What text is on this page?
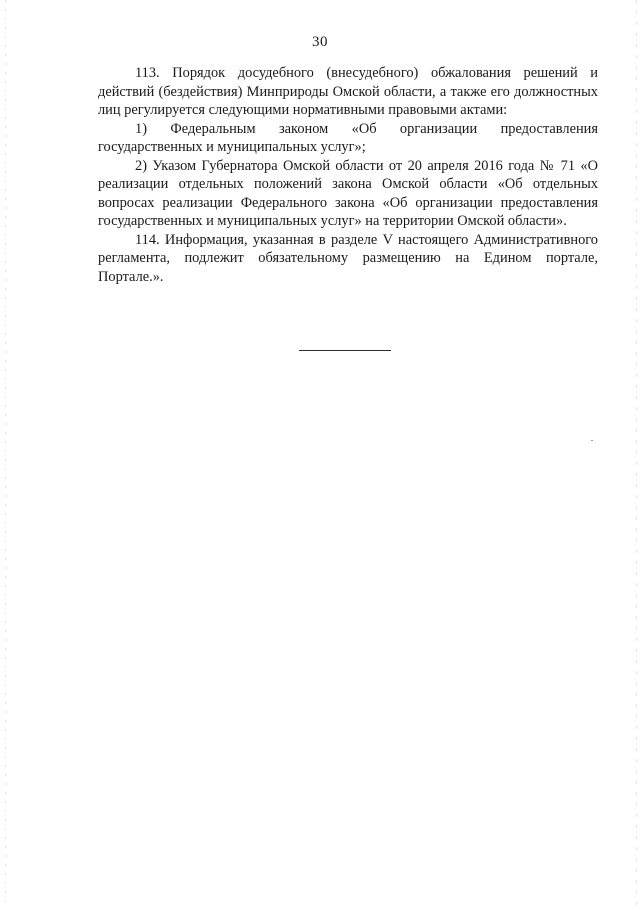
30

113. Порядок досудебного (внесудебного) обжалования решений и действий (бездействия) Минприроды Омской области, а также его должностных лиц регулируется следующими нормативными правовыми актами:

1) Федеральным законом «Об организации предоставления государственных и муниципальных услуг»;

2) Указом Губернатора Омской области от 20 апреля 2016 года № 71 «О реализации отдельных положений закона Омской области «Об отдельных вопросах реализации Федерального закона «Об организации предоставления государственных и муниципальных услуг» на территории Омской области».

114. Информация, указанная в разделе V настоящего Административного регламента, подлежит обязательному размещению на Едином портале, Портале.».
